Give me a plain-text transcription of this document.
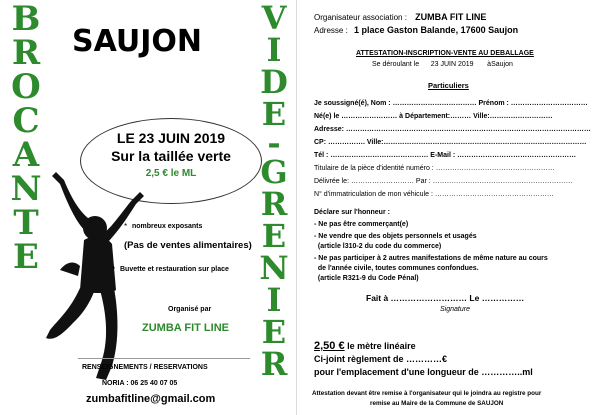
B
R
O
C
A
N
T
E
V
I
D
E
-
G
R
E
N
I
E
R
SAUJON
LE 23 JUIN 2019
Sur la taillée verte
2,5 € le ML
* nombreux exposants
(Pas de ventes alimentaires)
* Buvette et restauration sur place
Organisé par
ZUMBA FIT LINE
RENSEIGNEMENTS / RESERVATIONS
NORIA : 06 25 40 07 05
zumbafitline@gmail.com
Organisateur association : ZUMBA FIT LINE
Adresse : 1 place Gaston Balande, 17600 Saujon
ATTESTATION-INSCRIPTION-VENTE AU DEBALLAGE
Se déroulant le      23 JUIN 2019       àSaujon
Particuliers
Je soussigné(é), Nom : ……………………………… Prénom : ……………………………
Né(e) le …………………… à Département:……… Ville:………………………
Adresse: ……………………………………………………………………………………………
CP: ……………. Ville:……………………………………………………………………………
Tél : …………………………………… E-Mail : ……………………………………………
Titulaire de la pièce d'identité numéro : ……………………………………………
Délivrée le: ……………………… Par : ……………………………………………………
N° d'immatriculation de mon véhicule : ……………………………………………
Déclare sur l'honneur :
- Ne pas être commerçant(e)
- Ne vendre que des objets personnels et usagés
(article l310-2 du code du commerce)
- Ne pas participer à 2 autres manifestations de même nature au cours
de l'année civile, toutes communes confondues.
(article R321-9 du Code Pénal)
Fait à ……………………… Le ……………
Signature
2,50 € le mètre linéaire
Ci-joint règlement de …………€
pour l'emplacement d'une longueur de …………..ml
Attestation devant être remise à l'organisateur qui le joindra au registre pour
remise au Maire de la Commune de SAUJON
